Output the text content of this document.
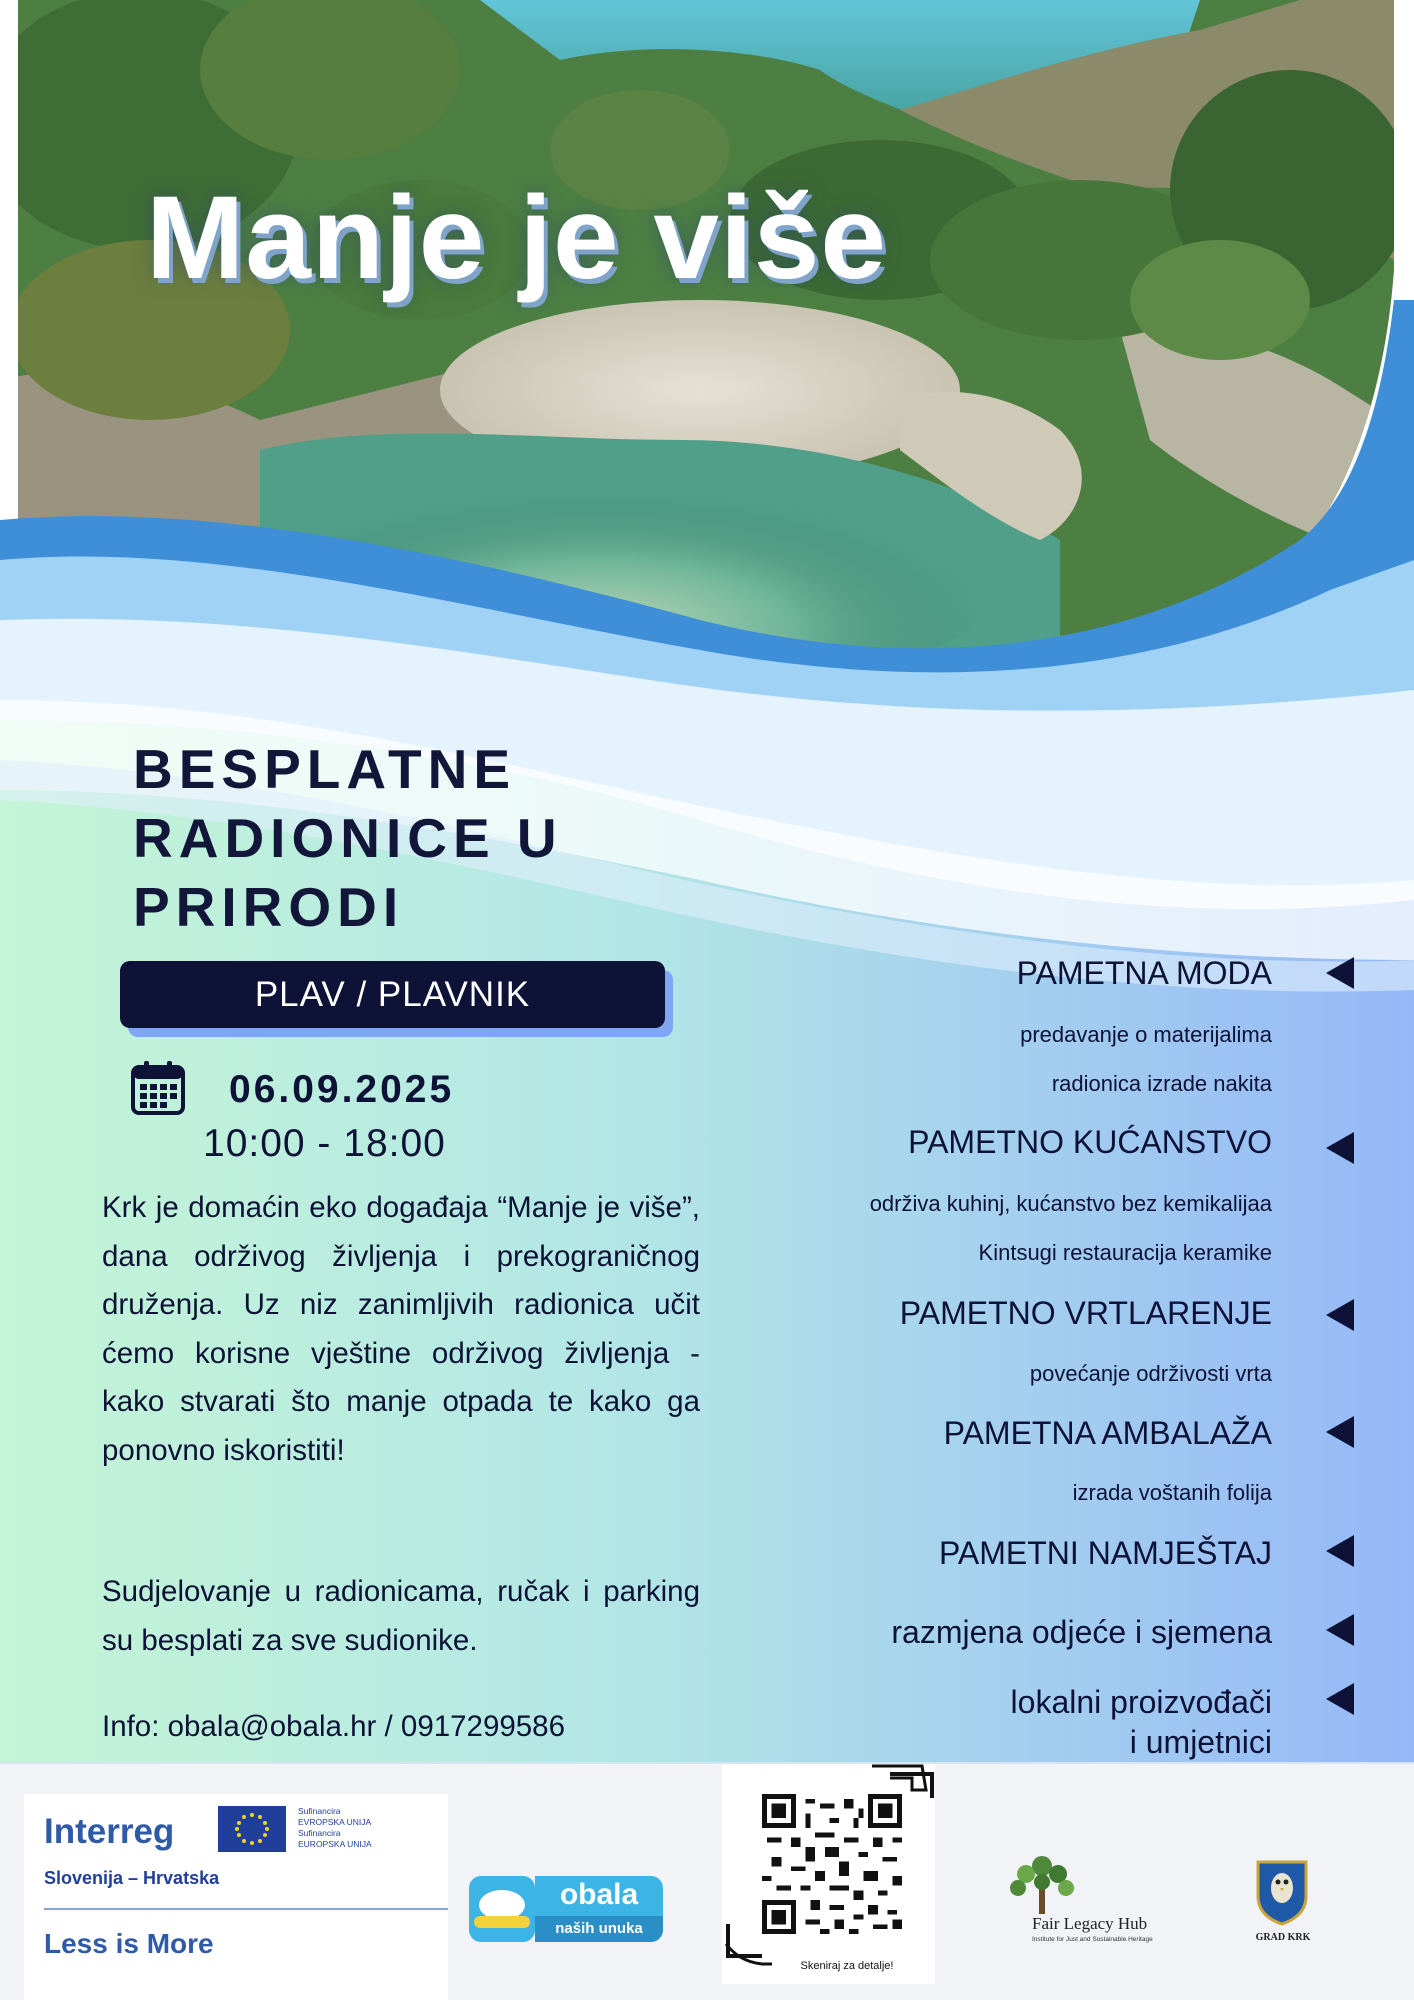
Manje je više
BESPLATNE
RADIONICE U
PRIRODI
PLAV / PLAVNIK
06.09.2025
10:00 - 18:00
Krk je domaćin eko događaja “Manje je više”, dana održivog življenja i prekograničnog druženja. Uz niz zanimljivih radionica učit ćemo korisne vještine održivog življenja - kako stvarati što manje otpada te kako ga ponovno iskoristiti!
Sudjelovanje u radionicama, ručak i parking su besplati za sve sudionike.
Info: obala@obala.hr / 0917299586
PAMETNA MODA
predavanje o materijalima
radionica izrade nakita
PAMETNO KUĆANSTVO
održiva kuhinj, kućanstvo bez kemikalijaa
Kintsugi restauracija keramike
PAMETNO VRTLARENJE
povećanje održivosti vrta
PAMETNA AMBALAŽA
izrada voštanih folija
PAMETNI NAMJEŠTAJ
razmjena odjeće i sjemena
lokalni proizvođači
i umjetnici
Interreg
Sufinancira
EVROPSKA UNIJA
Sufinancira
EUROPSKA UNIJA
Slovenija – Hrvatska
Less is More
obala
naših unuka
Skeniraj za detalje!
Fair Legacy Hub
Institute for Just and Sustainable Heritage	GRAD KRK
